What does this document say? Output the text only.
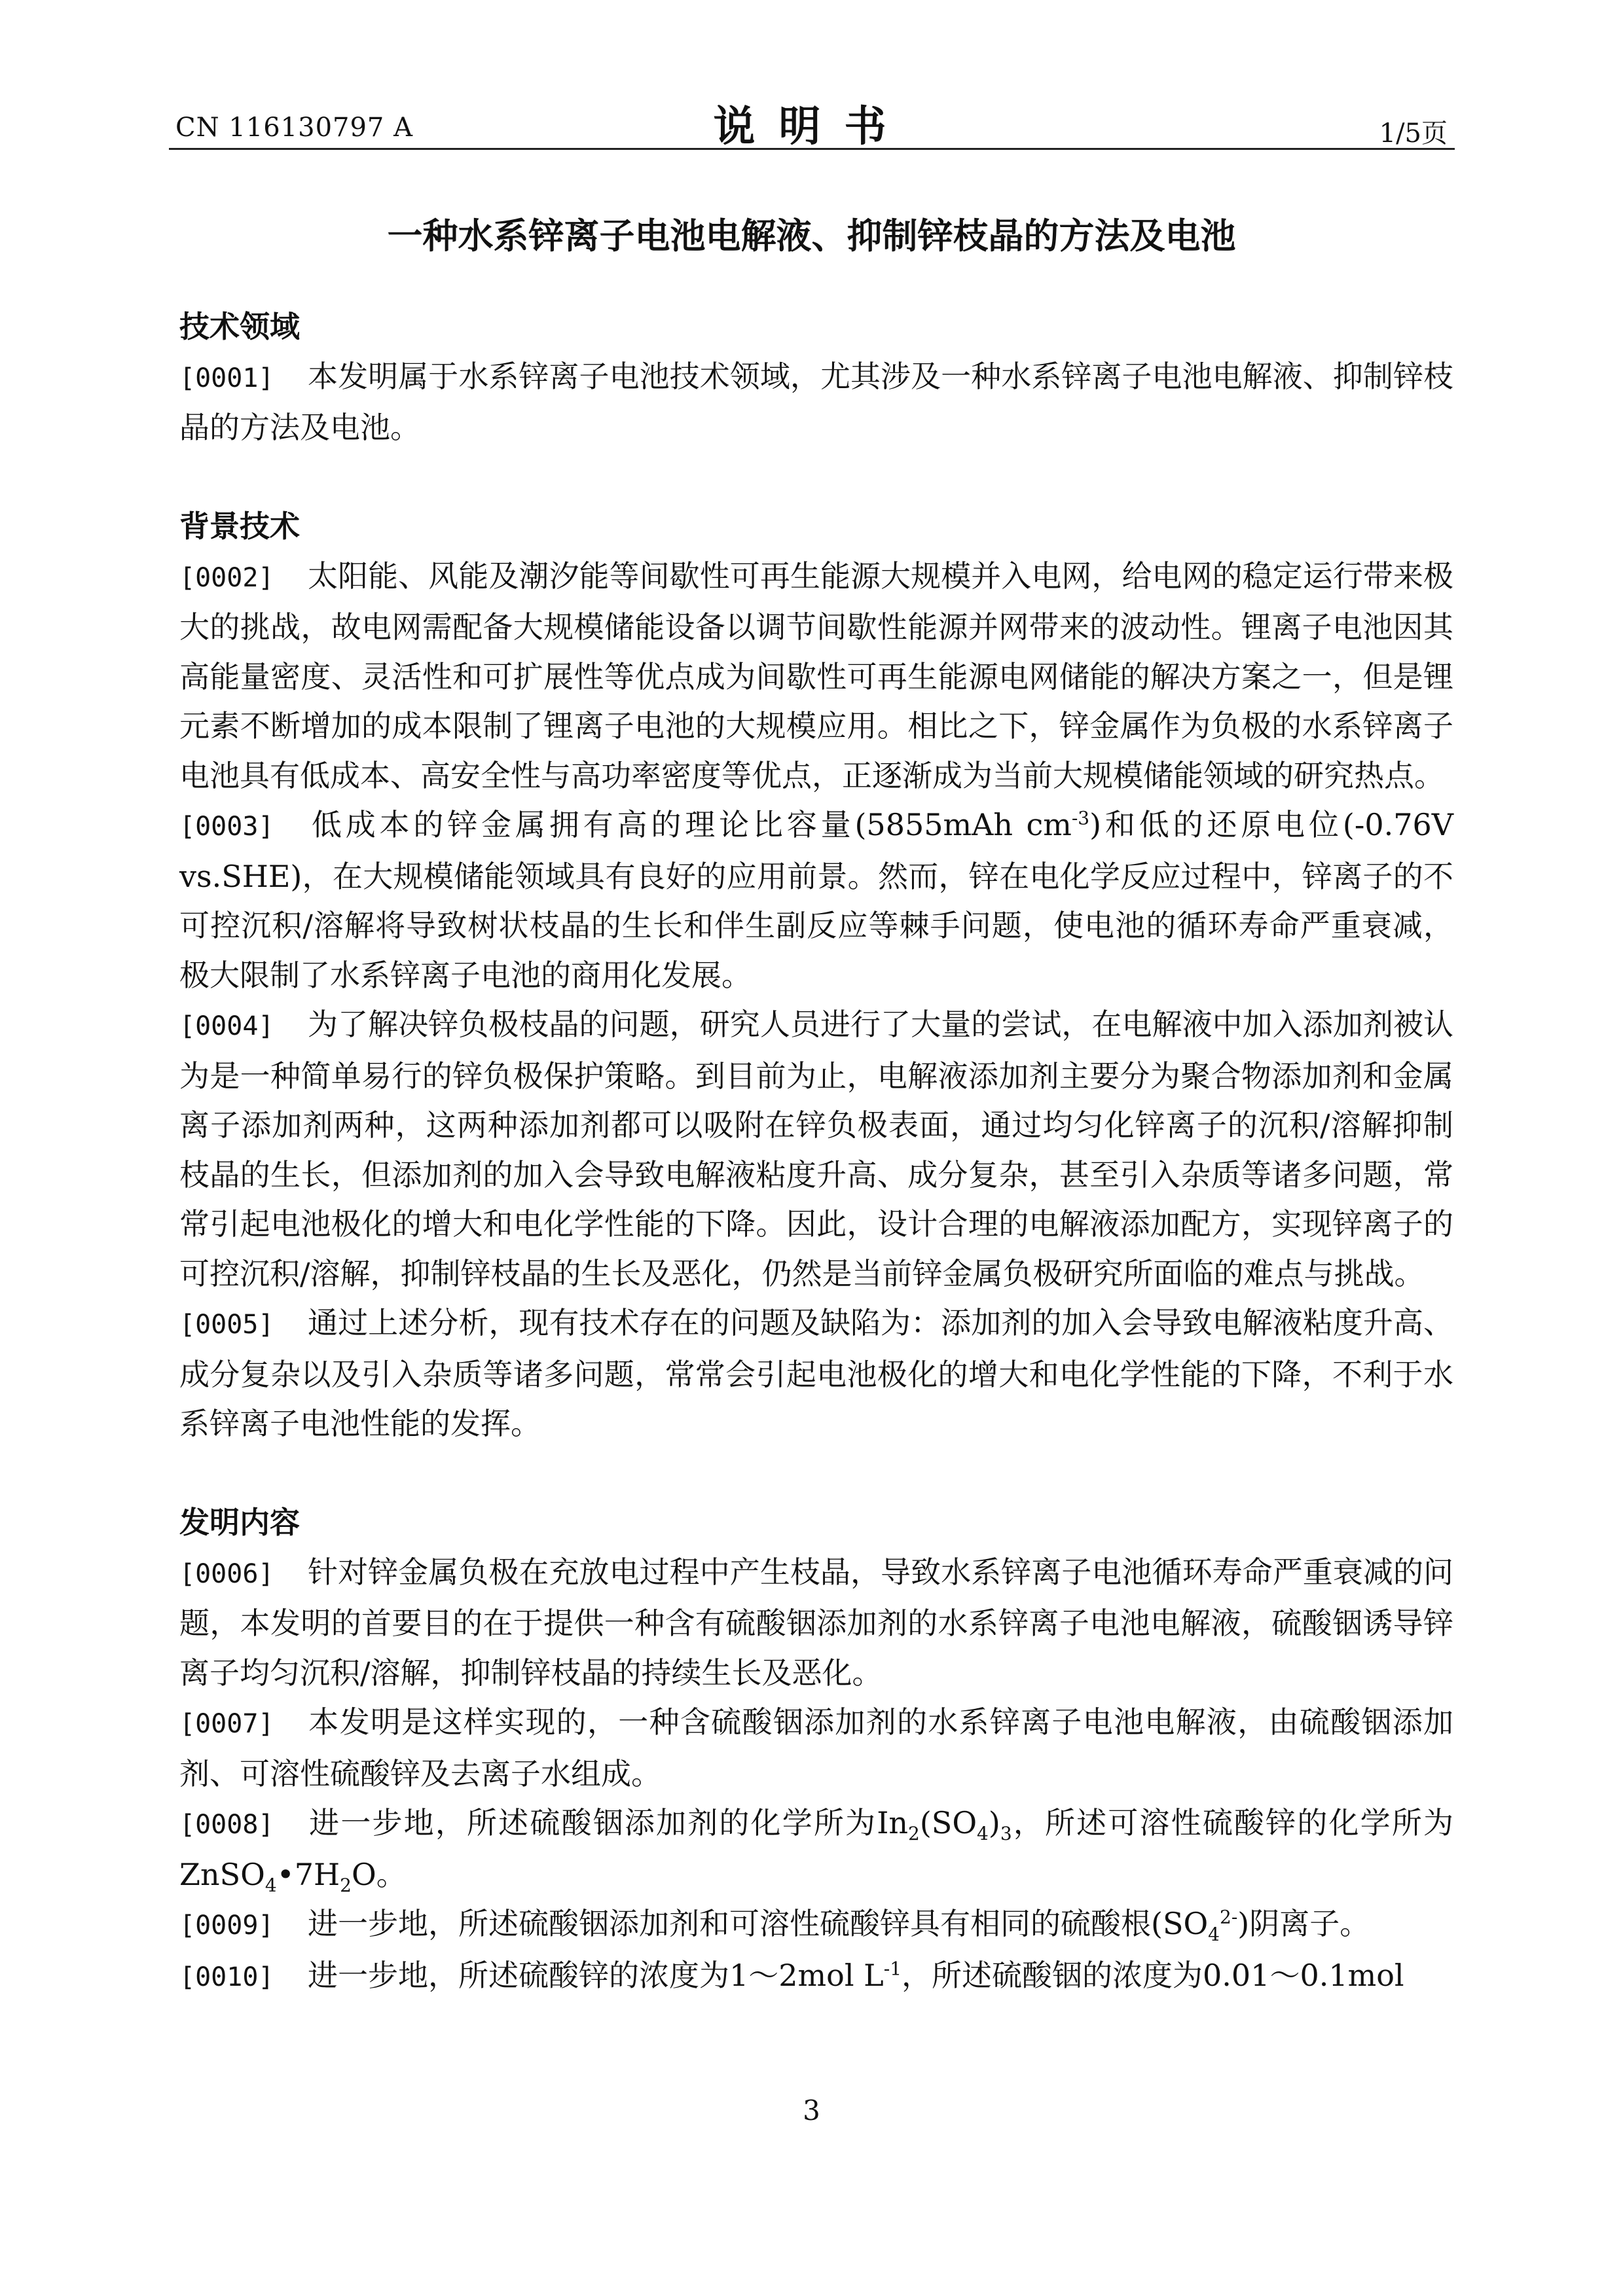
CN 116130797 A	说明书	1/5页
一种水系锌离子电池电解液、抑制锌枝晶的方法及电池
技术领域
[0001] 本发明属于水系锌离子电池技术领域，尤其涉及一种水系锌离子电池电解液、抑制锌枝晶的方法及电池。
背景技术
[0002] 太阳能、风能及潮汐能等间歇性可再生能源大规模并入电网，给电网的稳定运行带来极大的挑战，故电网需配备大规模储能设备以调节间歇性能源并网带来的波动性。锂离子电池因其高能量密度、灵活性和可扩展性等优点成为间歇性可再生能源电网储能的解决方案之一，但是锂元素不断增加的成本限制了锂离子电池的大规模应用。相比之下，锌金属作为负极的水系锌离子电池具有低成本、高安全性与高功率密度等优点，正逐渐成为当前大规模储能领域的研究热点。
[0003] 低成本的锌金属拥有高的理论比容量(5855mAh $cm^{-3}$)和低的还原电位(-0.76V vs.SHE)，在大规模储能领域具有良好的应用前景。然而，锌在电化学反应过程中，锌离子的不可控沉积/溶解将导致树状枝晶的生长和伴生副反应等棘手问题，使电池的循环寿命严重衰减，极大限制了水系锌离子电池的商用化发展。
[0004] 为了解决锌负极枝晶的问题，研究人员进行了大量的尝试，在电解液中加入添加剂被认为是一种简单易行的锌负极保护策略。到目前为止，电解液添加剂主要分为聚合物添加剂和金属离子添加剂两种，这两种添加剂都可以吸附在锌负极表面，通过均匀化锌离子的沉积/溶解抑制枝晶的生长，但添加剂的加入会导致电解液粘度升高、成分复杂，甚至引入杂质等诸多问题，常常引起电池极化的增大和电化学性能的下降。因此，设计合理的电解液添加配方，实现锌离子的可控沉积/溶解，抑制锌枝晶的生长及恶化，仍然是当前锌金属负极研究所面临的难点与挑战。
[0005] 通过上述分析，现有技术存在的问题及缺陷为：添加剂的加入会导致电解液粘度升高、成分复杂以及引入杂质等诸多问题，常常会引起电池极化的增大和电化学性能的下降，不利于水系锌离子电池性能的发挥。
发明内容
[0006] 针对锌金属负极在充放电过程中产生枝晶，导致水系锌离子电池循环寿命严重衰减的问题，本发明的首要目的在于提供一种含有硫酸铟添加剂的水系锌离子电池电解液，硫酸铟诱导锌离子均匀沉积/溶解，抑制锌枝晶的持续生长及恶化。
[0007] 本发明是这样实现的，一种含硫酸铟添加剂的水系锌离子电池电解液，由硫酸铟添加剂、可溶性硫酸锌及去离子水组成。
[0008] 进一步地，所述硫酸铟添加剂的化学所为$In_2(SO_4)_3$，所述可溶性硫酸锌的化学所为$ZnSO_4•7H_2O$。
[0009] 进一步地，所述硫酸铟添加剂和可溶性硫酸锌具有相同的硫酸根$(SO_4^{2-})$阴离子。
[0010] 进一步地，所述硫酸锌的浓度为1～2mol $L^{-1}$，所述硫酸铟的浓度为0.01～0.1mol
3
